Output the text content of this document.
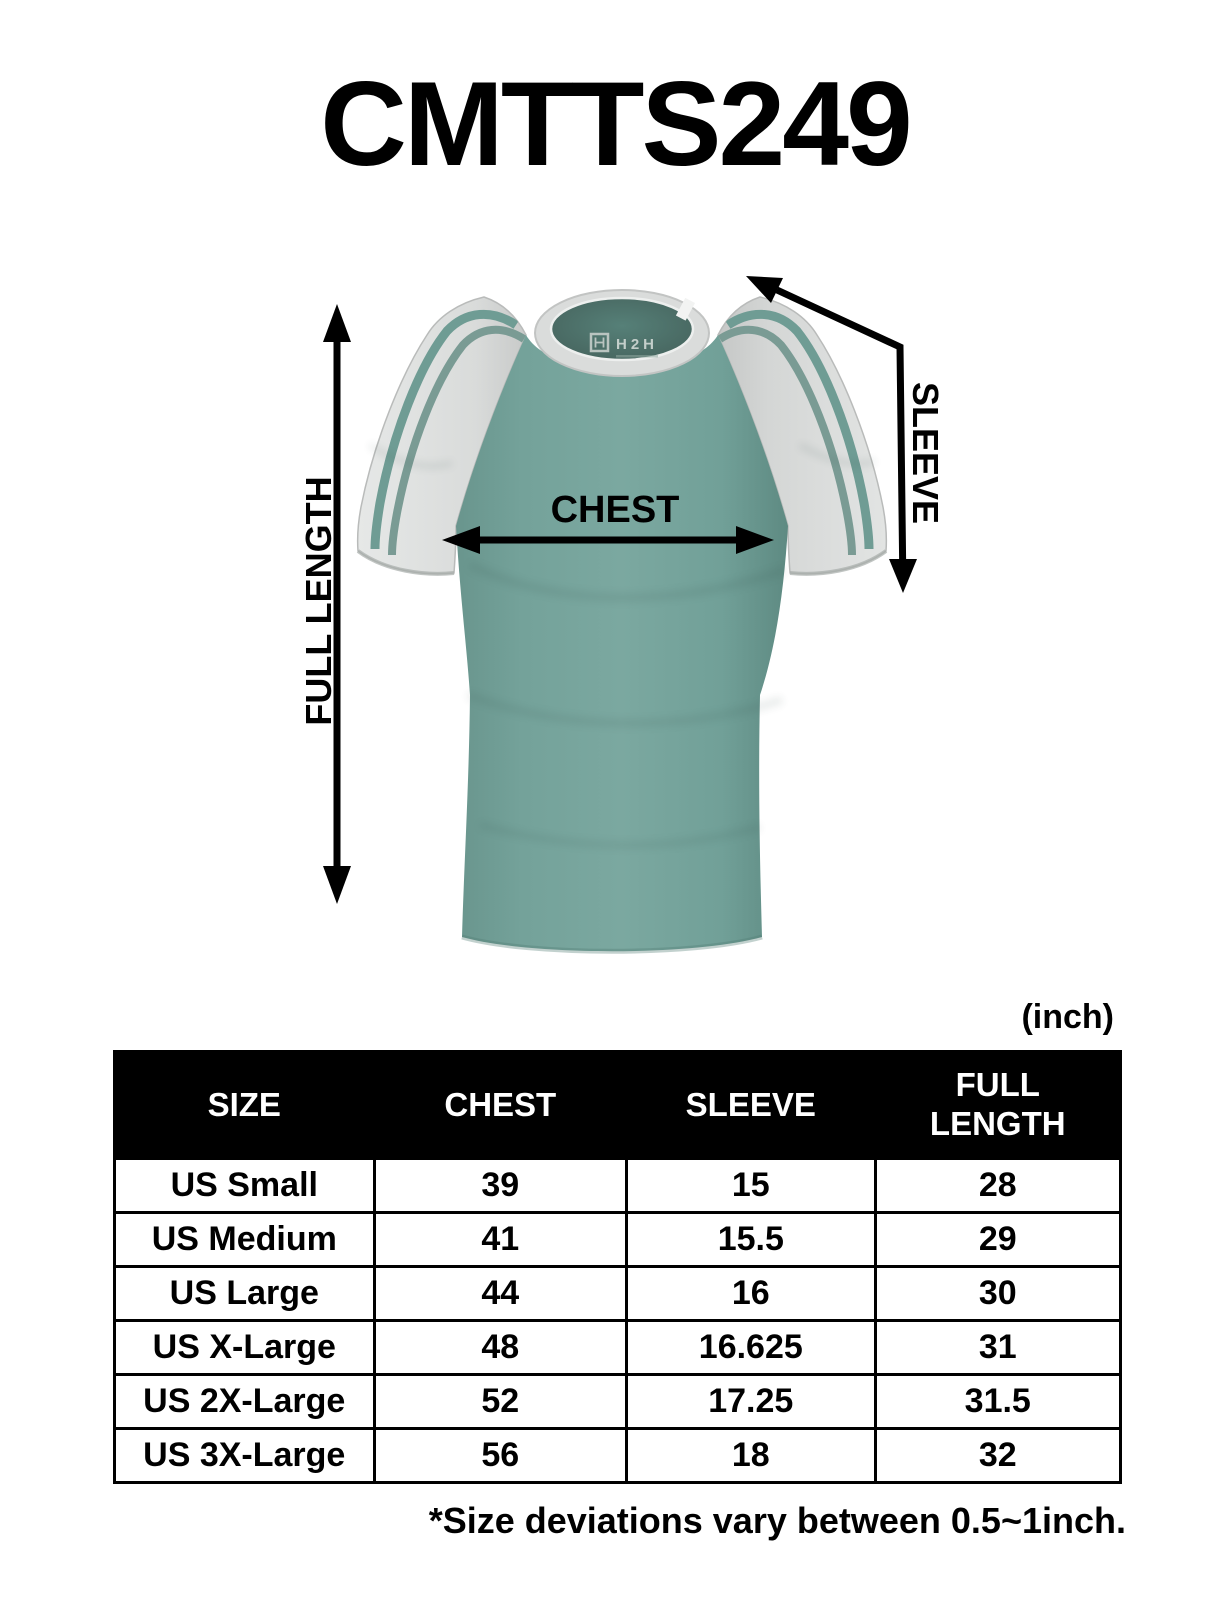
CMTTS249
H2H
FULL LENGTH	CHEST	SLEEVE
(inch)
SIZE	CHEST	SLEEVE	FULL LENGTH
US Small	39	15	28
US Medium	41	15.5	29
US Large	44	16	30
US X-Large	48	16.625	31
US 2X-Large	52	17.25	31.5
US 3X-Large	56	18	32
*Size deviations vary between 0.5~1inch.
